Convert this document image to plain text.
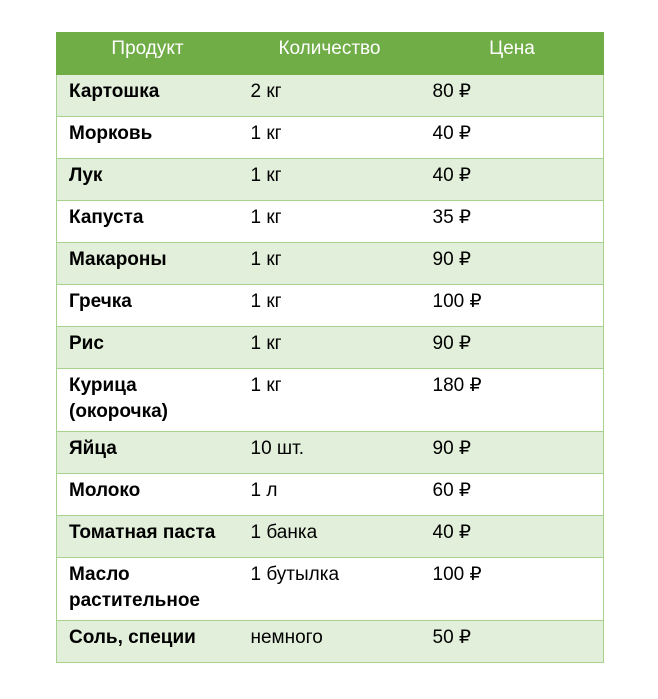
Продукт	Количество	Цена
Картошка	2 кг	80 ₽
Морковь	1 кг	40 ₽
Лук	1 кг	40 ₽
Капуста	1 кг	35 ₽
Макароны	1 кг	90 ₽
Гречка	1 кг	100 ₽
Рис	1 кг	90 ₽
Курица (окорочка)	1 кг	180 ₽
Яйца	10 шт.	90 ₽
Молоко	1 л	60 ₽
Томатная паста	1 банка	40 ₽
Масло растительное	1 бутылка	100 ₽
Соль, специи	немного	50 ₽
